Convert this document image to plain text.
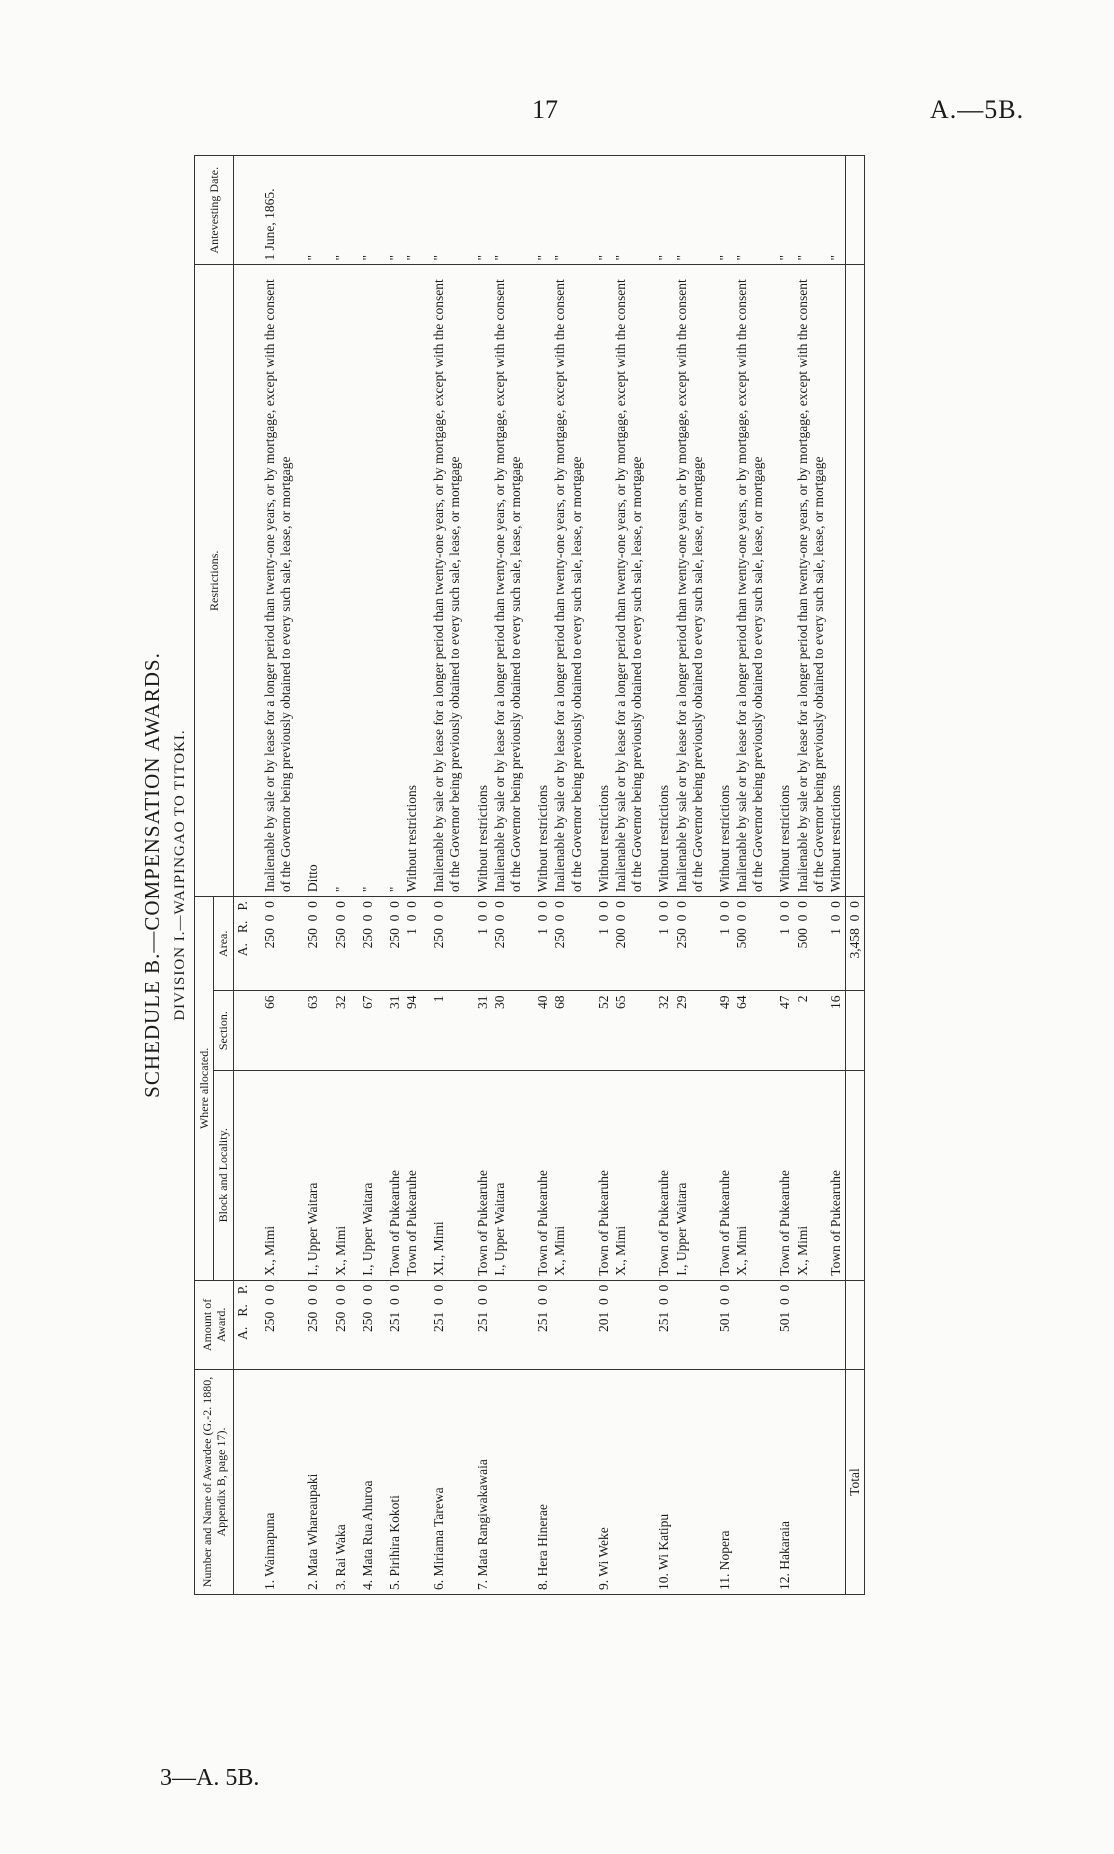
17	A.—5B.
SCHEDULE B.—COMPENSATION AWARDS. DIVISION I.—WAIPINGAO TO TITOKI.
Number and Name of Awardee (G.-2. 1880, Appendix B, page 17).	Amount of Award.	Where allocated.			Restrictions.	Antevesting Date.
		Block and Locality.	Section.	Area.		
	A.   R.   P.			A.   R.   P.		
1. Waimapuna	250  0  0	X., Mimi	66	250  0  0	Inalienable by sale or by lease for a longer period than twenty-one years, or by mortgage, except with the consent of the Governor being previously obtained to every such sale, lease, or mortgage	1 June, 1865.
2. Mata Whareaupaki	250  0  0	I., Upper Waitara	63	250  0  0	Ditto	"
3. Rai Waka	250  0  0	X., Mimi	32	250  0  0	"	"
4. Mata Rua Ahuroa	250  0  0	I., Upper Waitara	67	250  0  0	"	"
5. Pirihira Kokoti	251  0  0	Town of Pukearuhe	31	250  0  0	"	"
		Town of Pukearuhe	94	1  0  0	Without restrictions	"
6. Miriama Tarewa	251  0  0	XI., Mimi	1	250  0  0	Inalienable by sale or by lease for a longer period than twenty-one years, or by mortgage, except with the consent of the Governor being previously obtained to every such sale, lease, or mortgage	"
7. Mata Rangiwakawaia	251  0  0	Town of Pukearuhe	31	1  0  0	Without restrictions	"
		I., Upper Waitara	30	250  0  0	Inalienable by sale or by lease for a longer period than twenty-one years, or by mortgage, except with the consent of the Governor being previously obtained to every such sale, lease, or mortgage	"
8. Hera Hinerae	251  0  0	Town of Pukearuhe	40	1  0  0	Without restrictions	"
		X., Mimi	68	250  0  0	Inalienable by sale or by lease for a longer period than twenty-one years, or by mortgage, except with the consent of the Governor being previously obtained to every such sale, lease, or mortgage	"
9. Wi Weke	201  0  0	Town of Pukearuhe	52	1  0  0	Without restrictions	"
		X., Mimi	65	200  0  0	Inalienable by sale or by lease for a longer period than twenty-one years, or by mortgage, except with the consent of the Governor being previously obtained to every such sale, lease, or mortgage	"
10. Wi Katipu	251  0  0	Town of Pukearuhe	32	1  0  0	Without restrictions	"
		I., Upper Waitara	29	250  0  0	Inalienable by sale or by lease for a longer period than twenty-one years, or by mortgage, except with the consent of the Governor being previously obtained to every such sale, lease, or mortgage	"
11. Nopera	501  0  0	Town of Pukearuhe	49	1  0  0	Without restrictions	"
		X., Mimi	64	500  0  0	Inalienable by sale or by lease for a longer period than twenty-one years, or by mortgage, except with the consent of the Governor being previously obtained to every such sale, lease, or mortgage	"
12. Hakaraia	501  0  0	Town of Pukearuhe	47	1  0  0	Without restrictions	"
		X., Mimi	2	500  0  0	Inalienable by sale or by lease for a longer period than twenty-one years, or by mortgage, except with the consent of the Governor being previously obtained to every such sale, lease, or mortgage	"
		Town of Pukearuhe	16	1  0  0	Without restrictions	"
Total				3,458  0  0		
3—A. 5B.
